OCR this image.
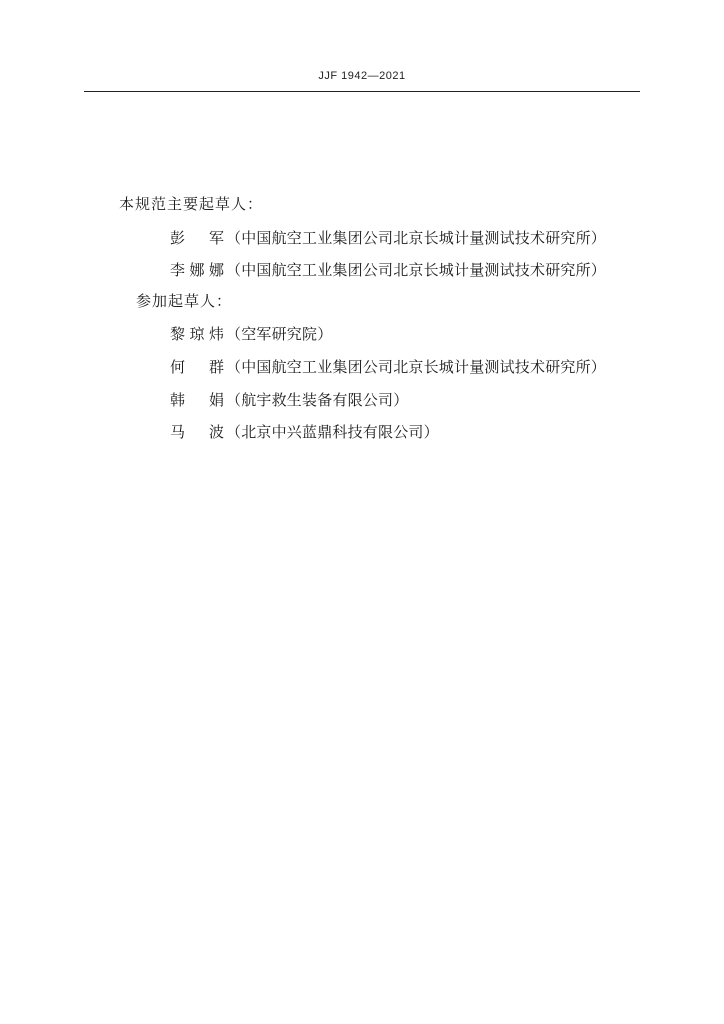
JJF 1942—2021
本规范主要起草人：
彭　军 （中国航空工业集团公司北京长城计量测试技术研究所）
李娜娜 （中国航空工业集团公司北京长城计量测试技术研究所）
参加起草人：
黎琼炜 （空军研究院）
何　群 （中国航空工业集团公司北京长城计量测试技术研究所）
韩　娟 （航宇救生装备有限公司）
马　波 （北京中兴蓝鼎科技有限公司）
